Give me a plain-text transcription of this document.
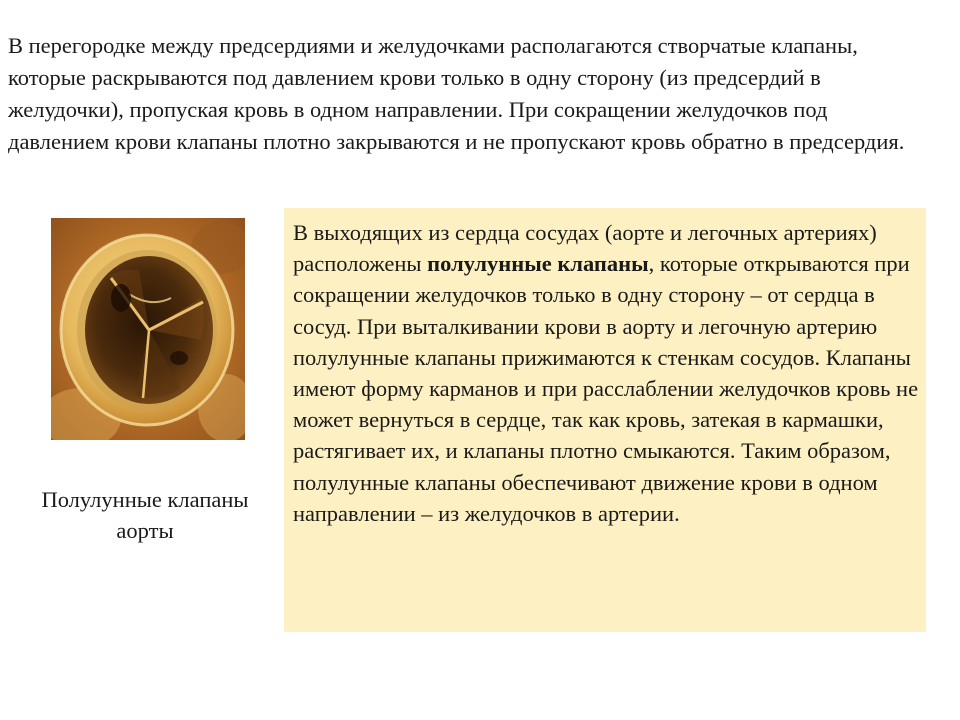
В перегородке между предсердиями и желудочками располагаются створчатые клапаны, которые раскрываются под давлением крови только в одну сторону (из предсердий в желудочки), пропуская кровь в одном направлении. При сокращении желудочков под давлением крови клапаны плотно закрываются и не пропускают кровь обратно в предсердия.

Полулунные клапаны аорты

В выходящих из сердца сосудах (аорте и легочных артериях) расположены полулунные клапаны, которые открываются при сокращении желудочков только в одну сторону – от сердца в сосуд. При выталкивании крови в аорту и легочную артерию полулунные клапаны прижимаются к стенкам сосудов. Клапаны имеют форму карманов и при расслаблении желудочков кровь не может вернуться в сердце, так как кровь, затекая в кармашки, растягивает их, и клапаны плотно смыкаются. Таким образом, полулунные клапаны обеспечивают движение крови в одном направлении – из желудочков в артерии.
